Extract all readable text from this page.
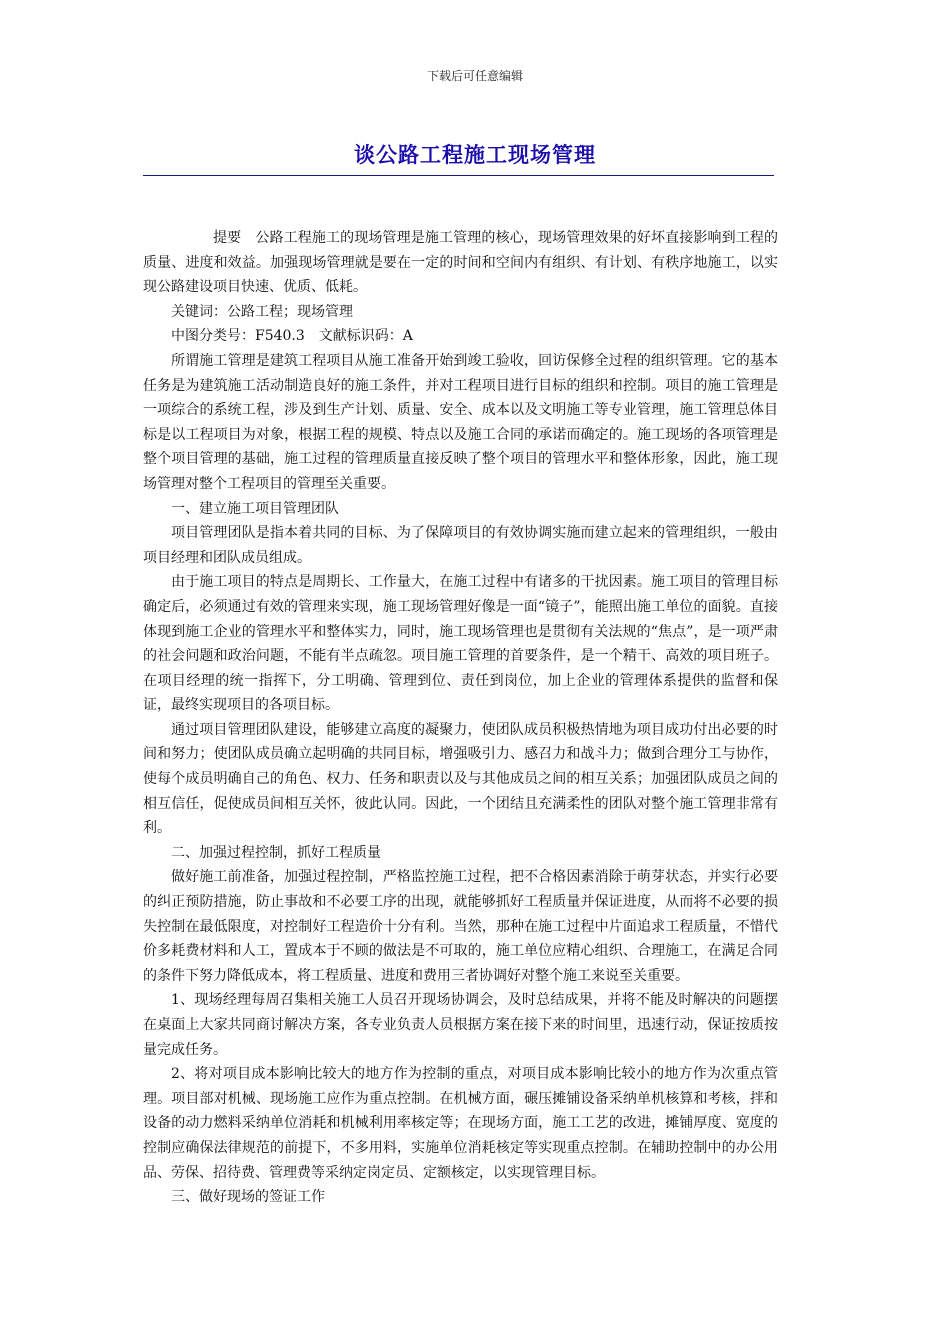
下载后可任意编辑
谈公路工程施工现场管理

提要　公路工程施工的现场管理是施工管理的核心，现场管理效果的好坏直接影响到工程的质量、进度和效益。加强现场管理就是要在一定的时间和空间内有组织、有计划、有秩序地施工，以实现公路建设项目快速、优质、低耗。

关键词：公路工程；现场管理

中图分类号：F540.3　文献标识码：A

所谓施工管理是建筑工程项目从施工准备开始到竣工验收，回访保修全过程的组织管理。它的基本任务是为建筑施工活动制造良好的施工条件，并对工程项目进行目标的组织和控制。项目的施工管理是一项综合的系统工程，涉及到生产计划、质量、安全、成本以及文明施工等专业管理，施工管理总体目标是以工程项目为对象，根据工程的规模、特点以及施工合同的承诺而确定的。施工现场的各项管理是整个项目管理的基础，施工过程的管理质量直接反映了整个项目的管理水平和整体形象，因此，施工现场管理对整个工程项目的管理至关重要。

一、建立施工项目管理团队

项目管理团队是指本着共同的目标、为了保障项目的有效协调实施而建立起来的管理组织，一般由项目经理和团队成员组成。

由于施工项目的特点是周期长、工作量大，在施工过程中有诸多的干扰因素。施工项目的管理目标确定后，必须通过有效的管理来实现，施工现场管理好像是一面“镜子”，能照出施工单位的面貌。直接体现到施工企业的管理水平和整体实力，同时，施工现场管理也是贯彻有关法规的“焦点”，是一项严肃的社会问题和政治问题，不能有半点疏忽。项目施工管理的首要条件，是一个精干、高效的项目班子。在项目经理的统一指挥下，分工明确、管理到位、责任到岗位，加上企业的管理体系提供的监督和保证，最终实现项目的各项目标。

通过项目管理团队建设，能够建立高度的凝聚力，使团队成员积极热情地为项目成功付出必要的时间和努力；使团队成员确立起明确的共同目标，增强吸引力、感召力和战斗力；做到合理分工与协作，使每个成员明确自己的角色、权力、任务和职责以及与其他成员之间的相互关系；加强团队成员之间的相互信任，促使成员间相互关怀，彼此认同。因此，一个团结且充满柔性的团队对整个施工管理非常有利。

二、加强过程控制，抓好工程质量

做好施工前准备，加强过程控制，严格监控施工过程，把不合格因素消除于萌芽状态，并实行必要的纠正预防措施，防止事故和不必要工序的出现，就能够抓好工程质量并保证进度，从而将不必要的损失控制在最低限度，对控制好工程造价十分有利。当然，那种在施工过程中片面追求工程质量，不惜代价多耗费材料和人工，置成本于不顾的做法是不可取的，施工单位应精心组织、合理施工，在满足合同的条件下努力降低成本，将工程质量、进度和费用三者协调好对整个施工来说至关重要。

1、现场经理每周召集相关施工人员召开现场协调会，及时总结成果，并将不能及时解决的问题摆在桌面上大家共同商讨解决方案，各专业负责人员根据方案在接下来的时间里，迅速行动，保证按质按量完成任务。

2、将对项目成本影响比较大的地方作为控制的重点，对项目成本影响比较小的地方作为次重点管理。项目部对机械、现场施工应作为重点控制。在机械方面，碾压摊铺设备采纳单机核算和考核，拌和设备的动力燃料采纳单位消耗和机械利用率核定等；在现场方面，施工工艺的改进，摊铺厚度、宽度的控制应确保法律规范的前提下，不多用料，实施单位消耗核定等实现重点控制。在辅助控制中的办公用品、劳保、招待费、管理费等采纳定岗定员、定额核定，以实现管理目标。

三、做好现场的签证工作
